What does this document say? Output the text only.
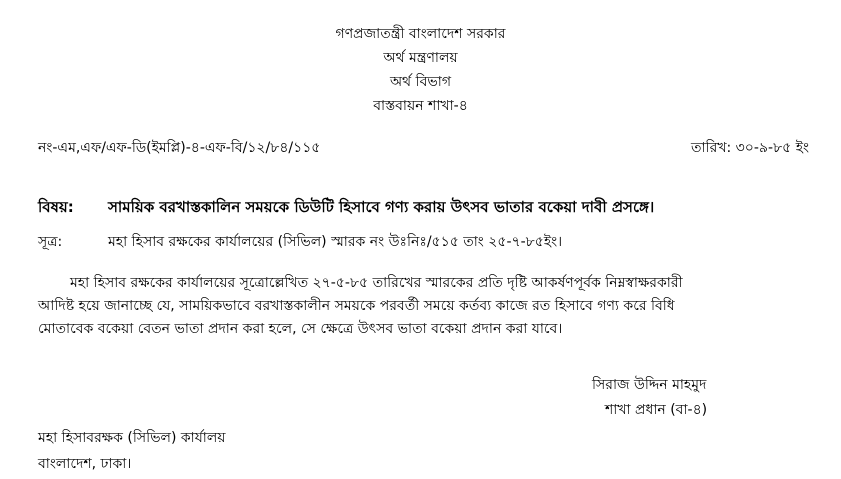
গণপ্রজাতন্ত্রী বাংলাদেশ সরকার
অর্থ মন্ত্রণালয়
অর্থ বিভাগ
বাস্তবায়ন শাখা-৪
নং-এম,এফ/এফ-ডি(ইমপ্লি)-৪-এফ-বি/১২/৮৪/১১৫	তারিখ: ৩০-৯-৮৫ ইং
বিষয়: সাময়িক বরখাস্তকালিন সময়কে ডিউটি হিসাবে গণ্য করায় উৎসব ভাতার বকেয়া দাবী প্রসঙ্গে।
সূত্র:	মহা হিসাব রক্ষকের কার্যালয়ের (সিভিল) স্মারক নং উঃনিঃ/৫১৫ তাং ২৫-৭-৮৫ইং।
মহা হিসাব রক্ষকের কার্যালয়ের সূত্রোল্লেখিত ২৭-৫-৮৫ তারিখের স্মারকের প্রতি দৃষ্টি আকর্ষণপূর্বক নিম্নস্বাক্ষরকারী
আদিষ্ট হয়ে জানাচ্ছে যে, সাময়িকভাবে বরখাস্তকালীন সময়কে পরবর্তী সময়ে কর্তব্য কাজে রত হিসাবে গণ্য করে বিধি
মোতাবেক বকেয়া বেতন ভাতা প্রদান করা হলে, সে ক্ষেত্রে উৎসব ভাতা বকেয়া প্রদান করা যাবে।
সিরাজ উদ্দিন মাহমুদ
শাখা প্রধান (বা-৪)
মহা হিসাবরক্ষক (সিভিল) কার্যালয়
বাংলাদেশ, ঢাকা।
